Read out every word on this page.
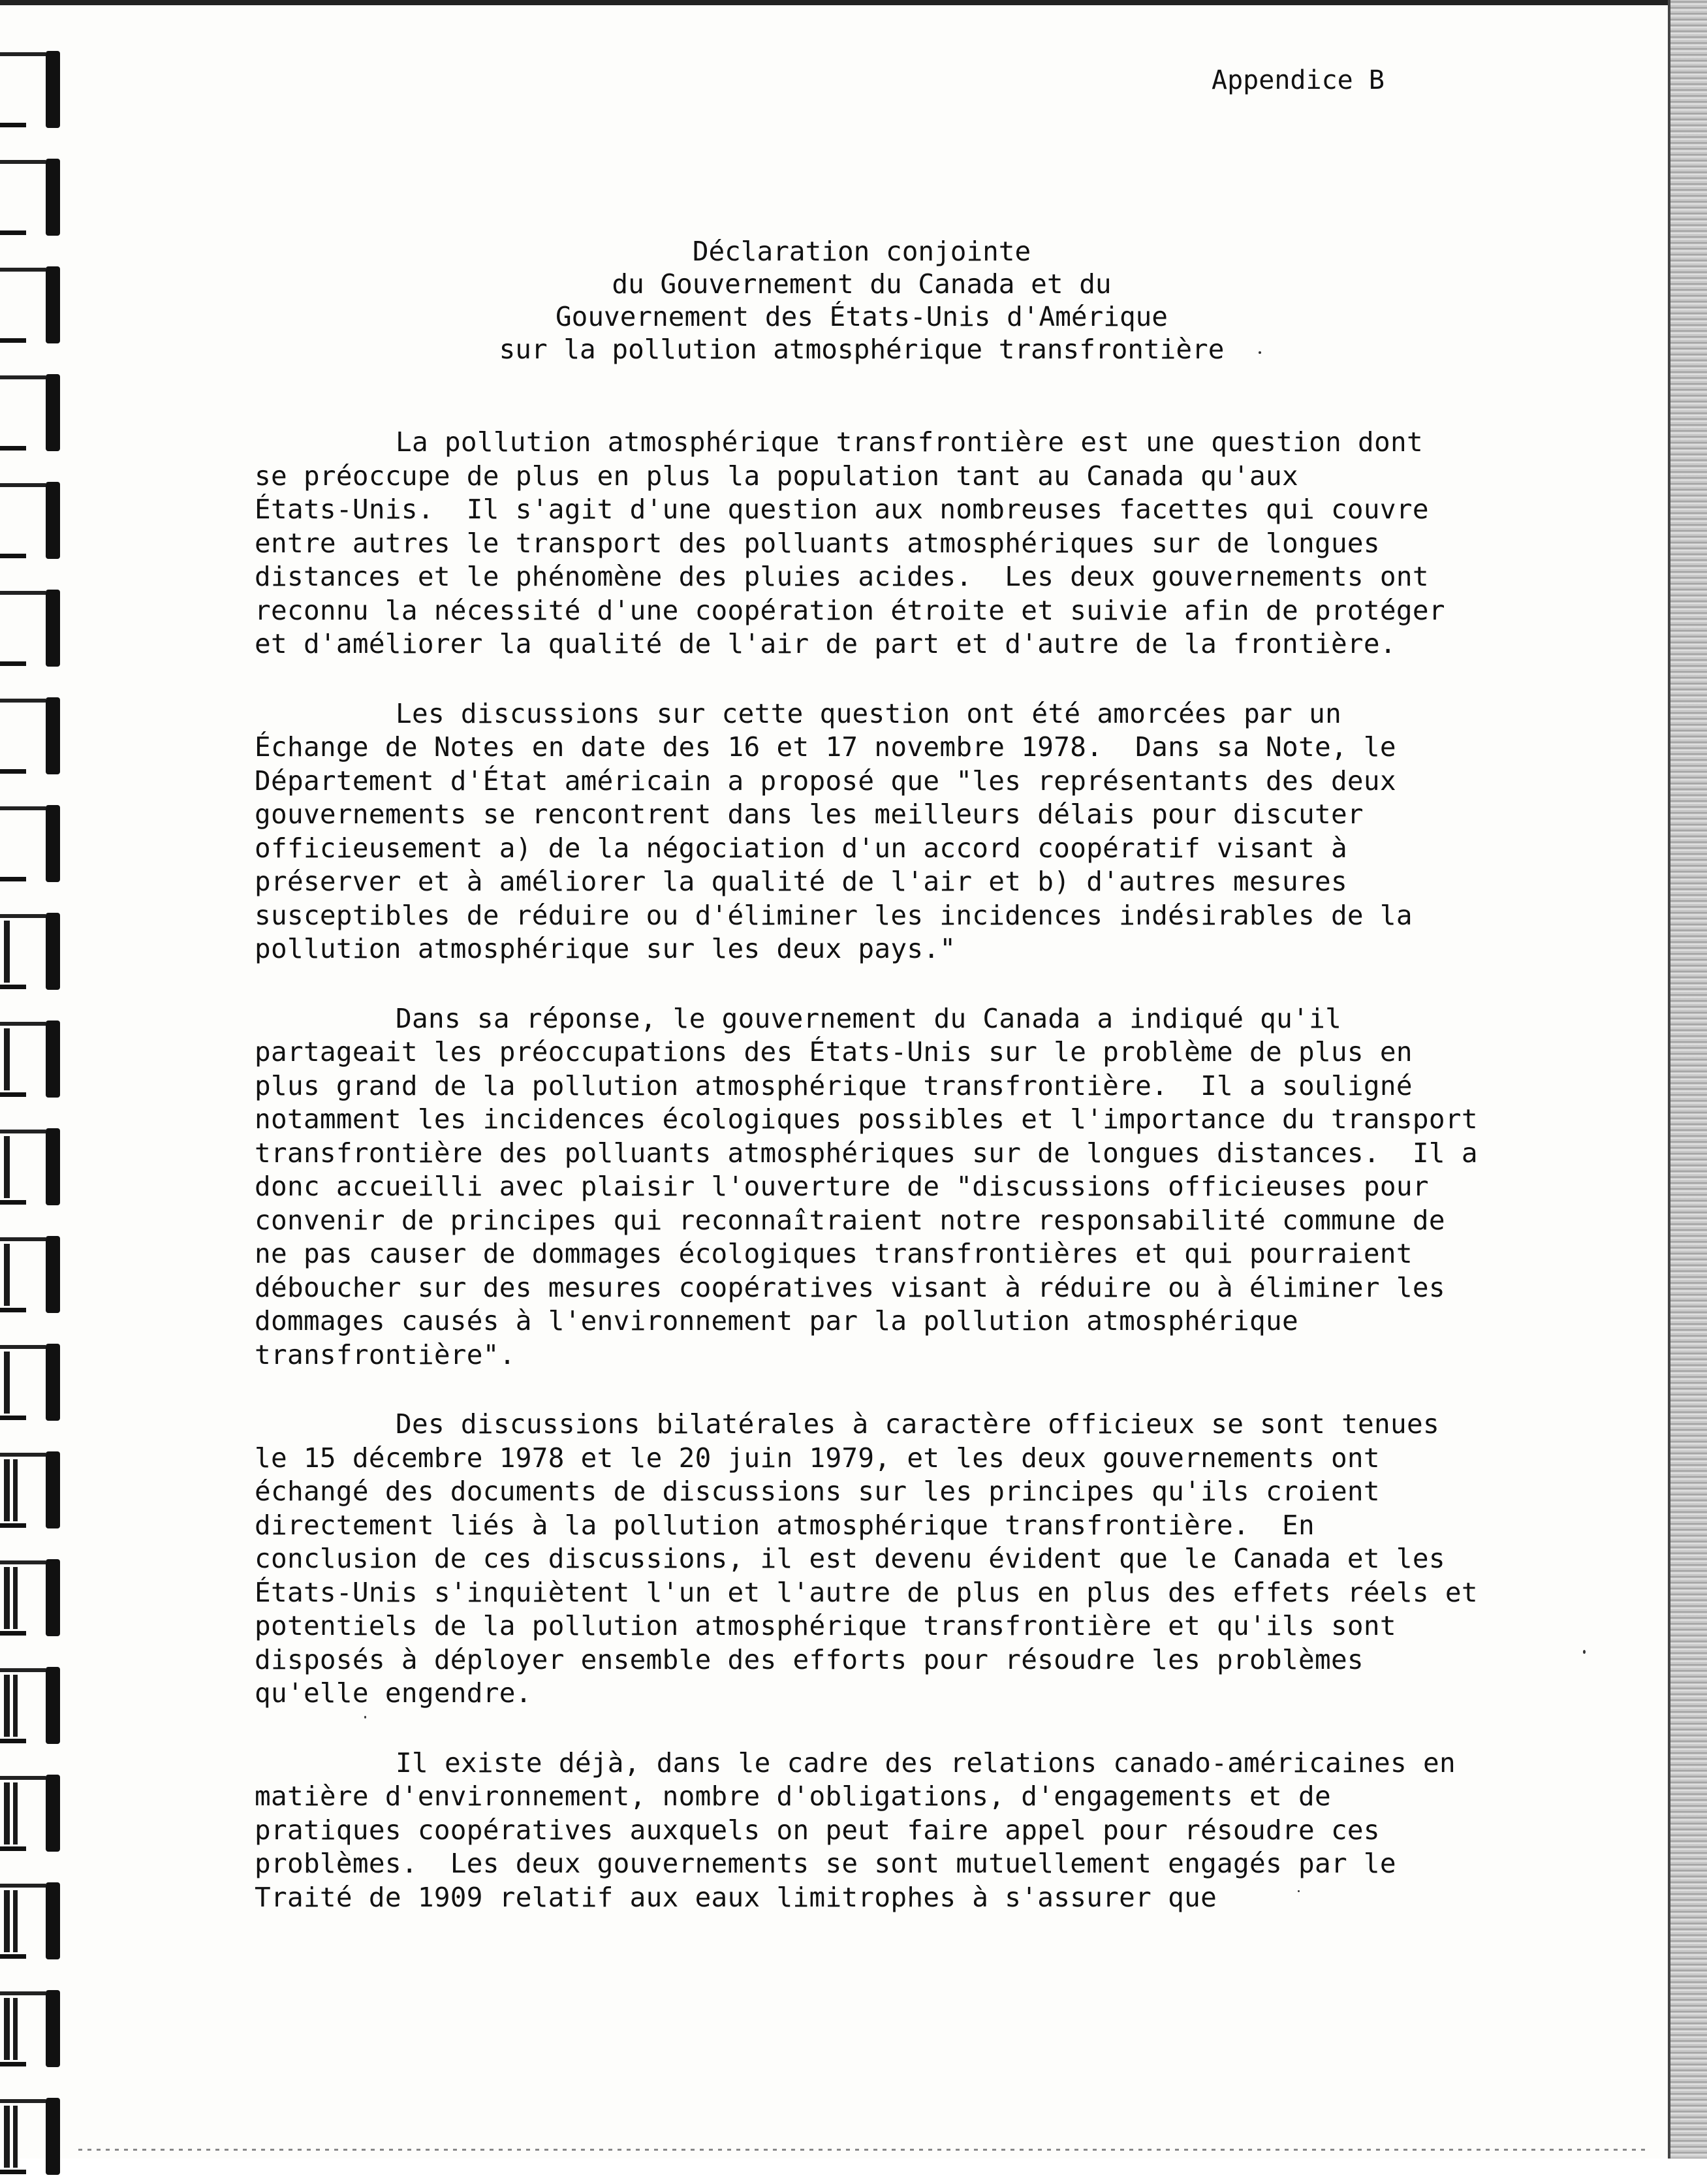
Appendice B
Déclaration conjointe
du Gouvernement du Canada et du
Gouvernement des États-Unis d'Amérique
sur la pollution atmosphérique transfrontière
La pollution atmosphérique transfrontière est une question dont
se préoccupe de plus en plus la population tant au Canada qu'aux
États-Unis.  Il s'agit d'une question aux nombreuses facettes qui couvre
entre autres le transport des polluants atmosphériques sur de longues
distances et le phénomène des pluies acides.  Les deux gouvernements ont
reconnu la nécessité d'une coopération étroite et suivie afin de protéger
et d'améliorer la qualité de l'air de part et d'autre de la frontière.
Les discussions sur cette question ont été amorcées par un
Échange de Notes en date des 16 et 17 novembre 1978.  Dans sa Note, le
Département d'État américain a proposé que "les représentants des deux
gouvernements se rencontrent dans les meilleurs délais pour discuter
officieusement a) de la négociation d'un accord coopératif visant à
préserver et à améliorer la qualité de l'air et b) d'autres mesures
susceptibles de réduire ou d'éliminer les incidences indésirables de la
pollution atmosphérique sur les deux pays."
Dans sa réponse, le gouvernement du Canada a indiqué qu'il
partageait les préoccupations des États-Unis sur le problème de plus en
plus grand de la pollution atmosphérique transfrontière.  Il a souligné
notamment les incidences écologiques possibles et l'importance du transport
transfrontière des polluants atmosphériques sur de longues distances.  Il a
donc accueilli avec plaisir l'ouverture de "discussions officieuses pour
convenir de principes qui reconnaîtraient notre responsabilité commune de
ne pas causer de dommages écologiques transfrontières et qui pourraient
déboucher sur des mesures coopératives visant à réduire ou à éliminer les
dommages causés à l'environnement par la pollution atmosphérique
transfrontière".
Des discussions bilatérales à caractère officieux se sont tenues
le 15 décembre 1978 et le 20 juin 1979, et les deux gouvernements ont
échangé des documents de discussions sur les principes qu'ils croient
directement liés à la pollution atmosphérique transfrontière.  En
conclusion de ces discussions, il est devenu évident que le Canada et les
États-Unis s'inquiètent l'un et l'autre de plus en plus des effets réels et
potentiels de la pollution atmosphérique transfrontière et qu'ils sont
disposés à déployer ensemble des efforts pour résoudre les problèmes
qu'elle engendre.
Il existe déjà, dans le cadre des relations canado-américaines en
matière d'environnement, nombre d'obligations, d'engagements et de
pratiques coopératives auxquels on peut faire appel pour résoudre ces
problèmes.  Les deux gouvernements se sont mutuellement engagés par le
Traité de 1909 relatif aux eaux limitrophes à s'assurer que
